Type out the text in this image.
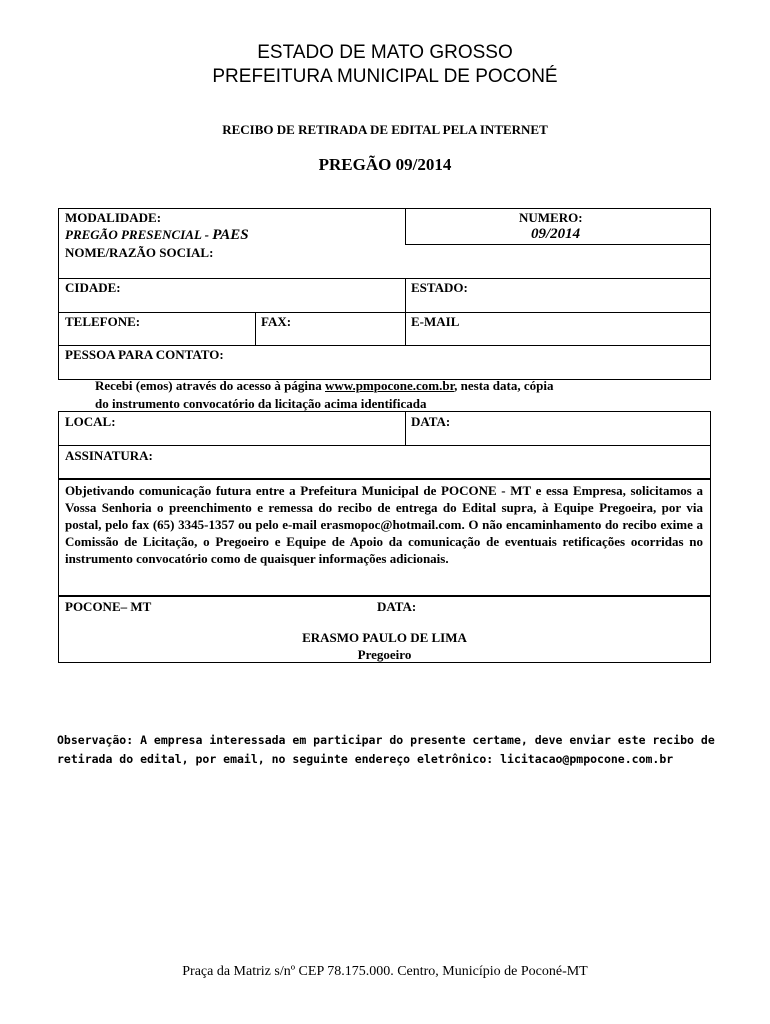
ESTADO DE MATO GROSSO
PREFEITURA MUNICIPAL DE POCONÉ
RECIBO DE RETIRADA DE EDITAL PELA INTERNET
PREGÃO 09/2014
MODALIDADE:
PREGÃO PRESENCIAL - PAES
NUMERO:
09/2014
NOME/RAZÃO SOCIAL:
CIDADE:	ESTADO:
TELEFONE:	FAX:	E-MAIL
PESSOA PARA CONTATO:
Recebi (emos) através do acesso à página www.pmpocone.com.br, nesta data, cópia
do instrumento convocatório da licitação acima identificada
LOCAL:	DATA:
ASSINATURA:
Objetivando comunicação futura entre a Prefeitura Municipal de POCONE - MT e essa Empresa, solicitamos a Vossa Senhoria o preenchimento e remessa do recibo de entrega do Edital supra, à Equipe Pregoeira, por via postal, pelo fax (65) 3345-1357 ou pelo e-mail erasmopoc@hotmail.com. O não encaminhamento do recibo exime a Comissão de Licitação, o Pregoeiro e Equipe de Apoio da comunicação de eventuais retificações ocorridas no instrumento convocatório como de quaisquer informações adicionais.
POCONE– MT	DATA:
ERASMO PAULO DE LIMA
Pregoeiro
Observação: A empresa interessada em participar do presente certame, deve enviar este recibo de
retirada do edital, por email, no seguinte endereço eletrônico: licitacao@pmpocone.com.br
Praça da Matriz s/nº CEP 78.175.000. Centro, Município de Poconé-MT
